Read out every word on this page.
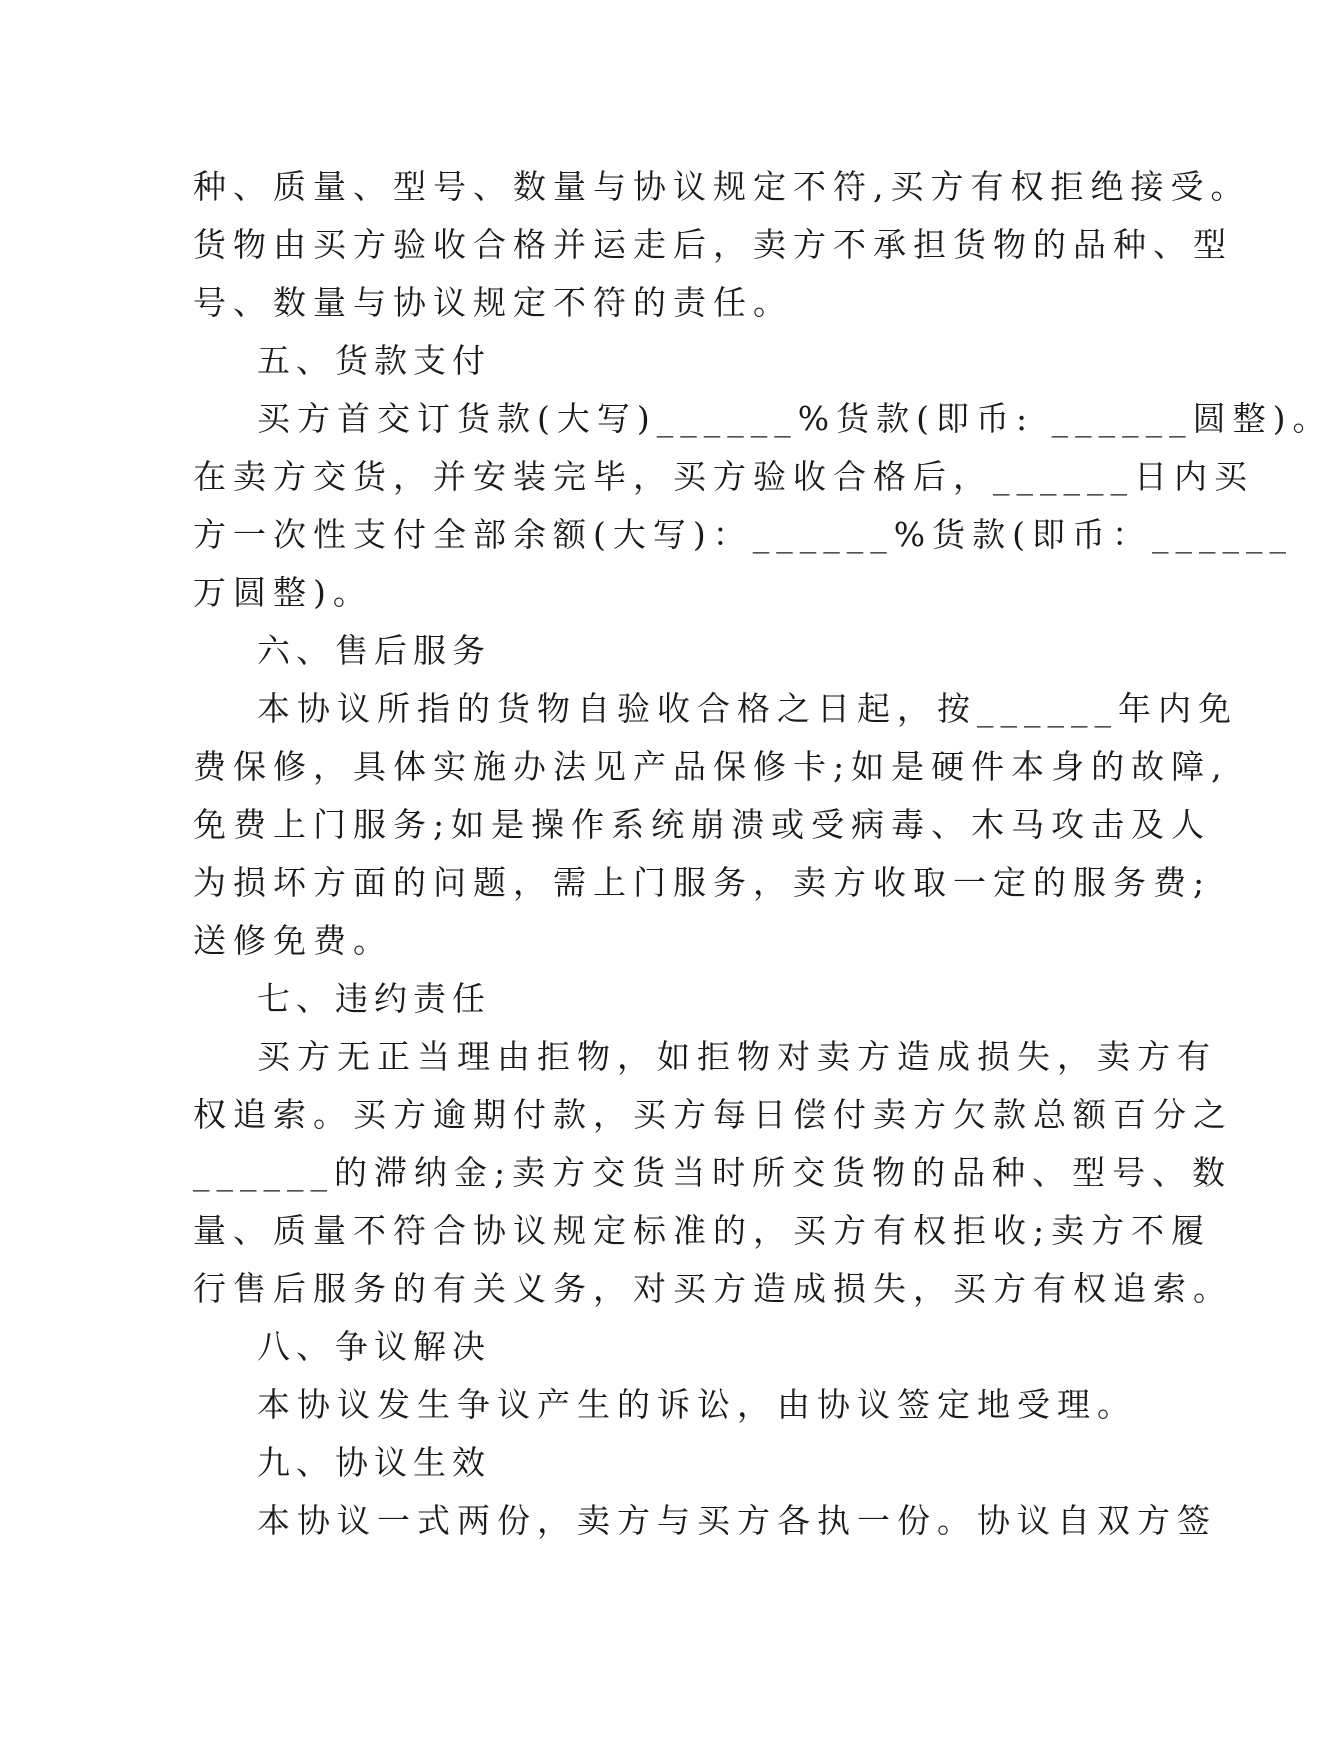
种、质量、型号、数量与协议规定不符,买方有权拒绝接受。
货物由买方验收合格并运走后，卖方不承担货物的品种、型
号、数量与协议规定不符的责任。
五、货款支付
买方首交订货款(大写)______%货款(即币: ______圆整)。
在卖方交货，并安装完毕，买方验收合格后，______日内买
方一次性支付全部余额(大写)：______%货款(即币：______
万圆整)。
六、售后服务
本协议所指的货物自验收合格之日起，按______年内免
费保修，具体实施办法见产品保修卡;如是硬件本身的故障,
免费上门服务;如是操作系统崩溃或受病毒、木马攻击及人
为损坏方面的问题，需上门服务，卖方收取一定的服务费;
送修免费。
七、违约责任
买方无正当理由拒物，如拒物对卖方造成损失，卖方有
权追索。买方逾期付款，买方每日偿付卖方欠款总额百分之
______的滞纳金;卖方交货当时所交货物的品种、型号、数
量、质量不符合协议规定标准的，买方有权拒收;卖方不履
行售后服务的有关义务，对买方造成损失，买方有权追索。
八、争议解决
本协议发生争议产生的诉讼，由协议签定地受理。
九、协议生效
本协议一式两份，卖方与买方各执一份。协议自双方签
